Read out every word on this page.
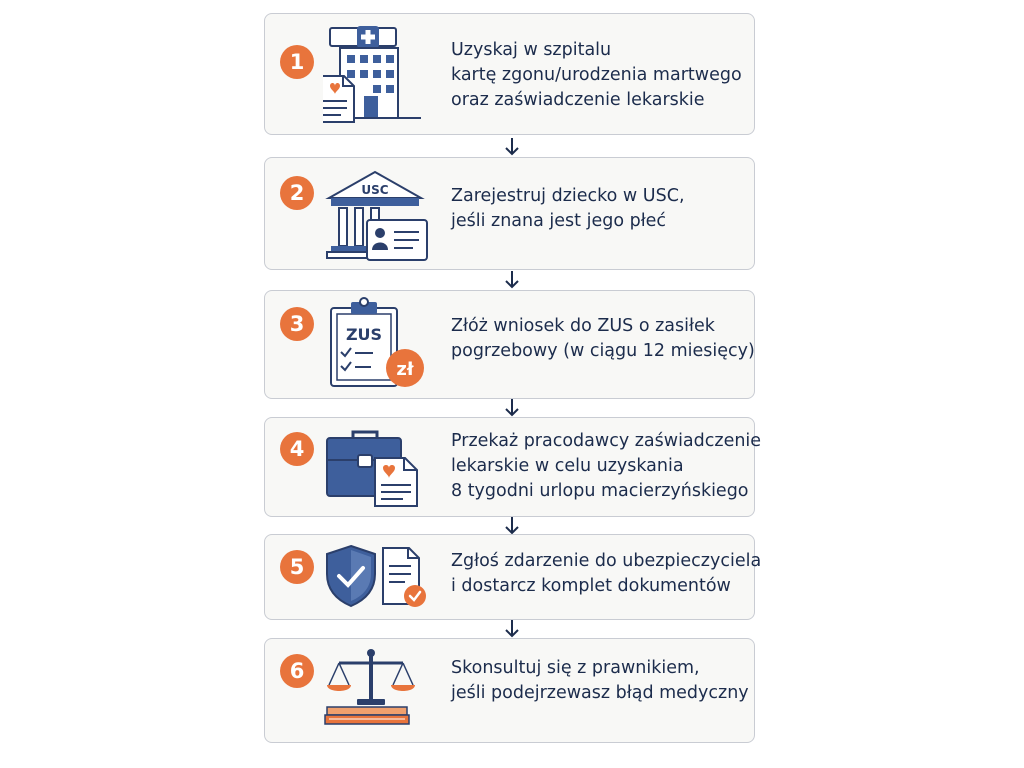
1	Uzyskaj w szpitalu
kartę zgonu/urodzenia martwego
oraz zaświadczenie lekarskie
2	USC	Zarejestruj dziecko w USC,
jeśli znana jest jego płeć
3	ZUS
zł
Złóż wniosek do ZUS o zasiłek
pogrzebowy (w ciągu 12 miesięcy)
4	Przekaż pracodawcy zaświadczenie
lekarskie w celu uzyskania
8 tygodni urlopu macierzyńskiego
5	Zgłoś zdarzenie do ubezpieczyciela
i dostarcz komplet dokumentów
6	Skonsultuj się z prawnikiem,
jeśli podejrzewasz błąd medyczny
